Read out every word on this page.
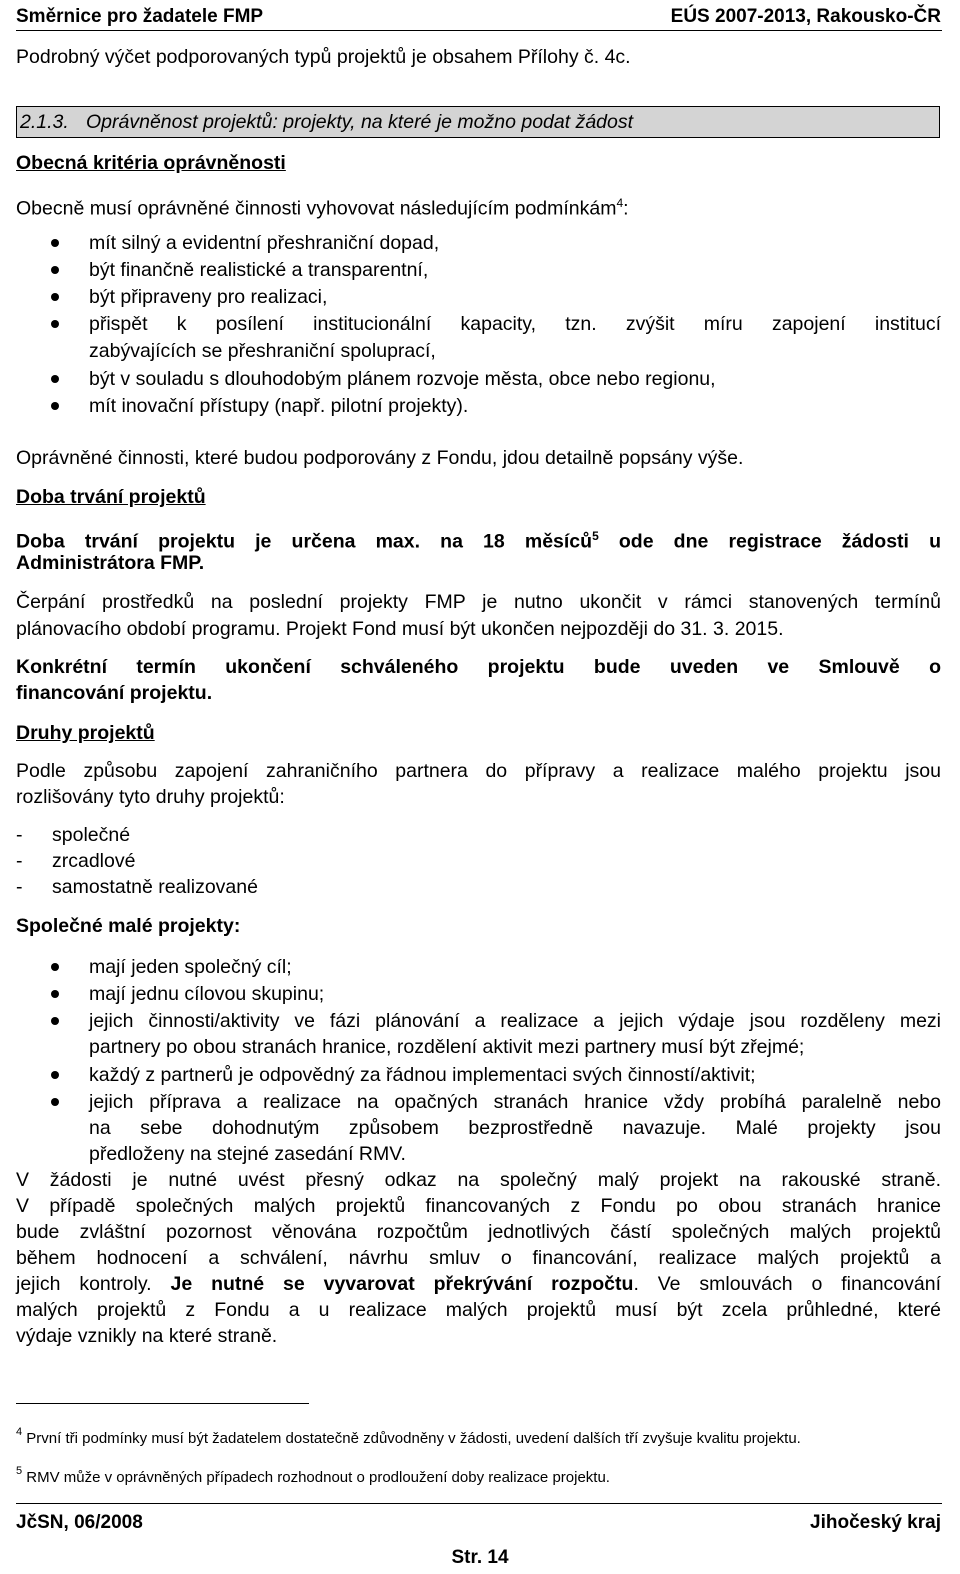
Směrnice pro žadatele FMP	EÚS 2007-2013, Rakousko-ČR
Podrobný výčet podporovaných typů projektů je obsahem Přílohy č. 4c.
2.1.3. Oprávněnost projektů: projekty, na které je možno podat žádost
Obecná kritéria oprávněnosti
Obecně musí oprávněné činnosti vyhovovat následujícím podmínkám$^4$:
mít silný a evidentní přeshraniční dopad,
být finančně realistické a transparentní,
být připraveny pro realizaci,
přispět k posílení institucionální kapacity, tzn. zvýšit míru zapojení institucí
zabývajících se přeshraniční spoluprací,
být v souladu s dlouhodobým plánem rozvoje města, obce nebo regionu,
mít inovační přístupy (např. pilotní projekty).
Oprávněné činnosti, které budou podporovány z Fondu, jdou detailně popsány výše.
Doba trvání projektů
Doba trvání projektu je určena max. na 18 měsíců$^5$ ode dne registrace žádosti u
Administrátora FMP.
Čerpání prostředků na poslední projekty FMP je nutno ukončit v rámci stanovených termínů
plánovacího období programu. Projekt Fond musí být ukončen nejpozději do 31. 3. 2015.
Konkrétní termín ukončení schváleného projektu bude uveden ve Smlouvě o
financování projektu.
Druhy projektů
Podle způsobu zapojení zahraničního partnera do přípravy a realizace malého projektu jsou
rozlišovány tyto druhy projektů:
- společné
- zrcadlové
- samostatně realizované
Společné malé projekty:
mají jeden společný cíl;
mají jednu cílovou skupinu;
jejich činnosti/aktivity ve fázi plánování a realizace a jejich výdaje jsou rozděleny mezi
partnery po obou stranách hranice, rozdělení aktivit mezi partnery musí být zřejmé;
každý z partnerů je odpovědný za řádnou implementaci svých činností/aktivit;
jejich příprava a realizace na opačných stranách hranice vždy probíhá paralelně nebo
na sebe dohodnutým způsobem bezprostředně navazuje. Malé projekty jsou
předloženy na stejné zasedání RMV.
V žádosti je nutné uvést přesný odkaz na společný malý projekt na rakouské straně.
V případě společných malých projektů financovaných z Fondu po obou stranách hranice
bude zvláštní pozornost věnována rozpočtům jednotlivých částí společných malých projektů
během hodnocení a schválení, návrhu smluv o financování, realizace malých projektů a
jejich kontroly. Je nutné se vyvarovat překrývání rozpočtu. Ve smlouvách o financování
malých projektů z Fondu a u realizace malých projektů musí být zcela průhledné, které
výdaje vznikly na které straně.
$^4$ První tři podmínky musí být žadatelem dostatečně zdůvodněny v žádosti, uvedení dalších tří zvyšuje kvalitu projektu.
$^5$ RMV může v oprávněných případech rozhodnout o prodloužení doby realizace projektu.
JčSN, 06/2008	Jihočeský kraj
Str. 14
